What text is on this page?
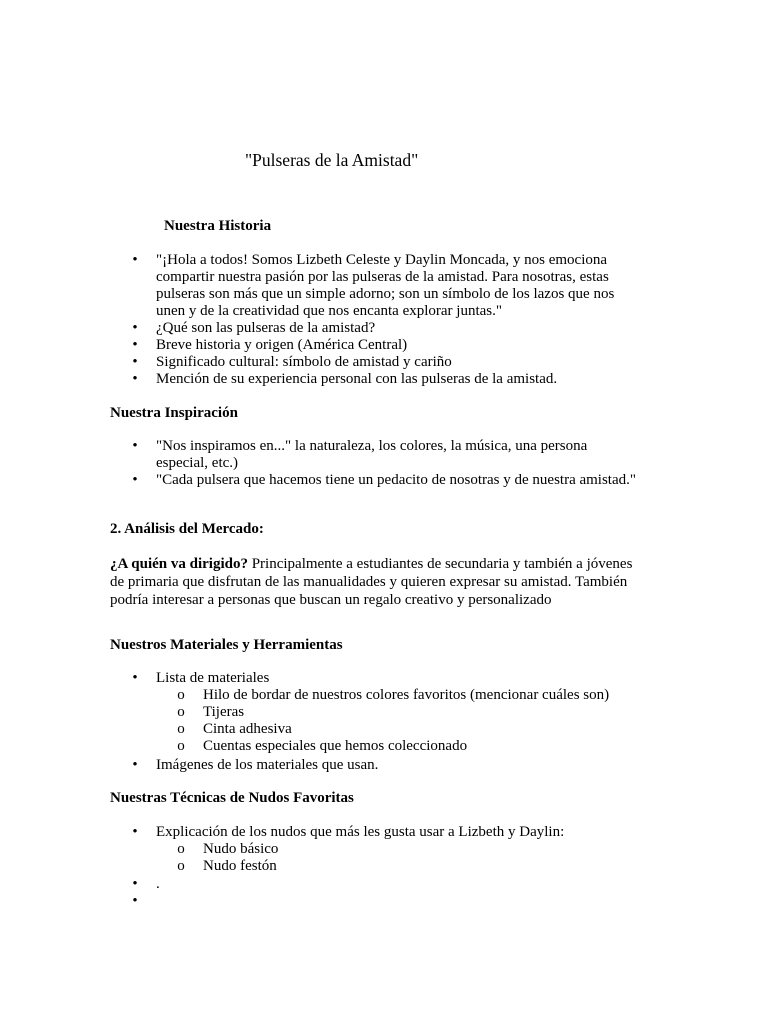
"Pulseras de la Amistad"
Nuestra Historia
• "¡Hola a todos! Somos Lizbeth Celeste y Daylin Moncada, y nos emociona
compartir nuestra pasión por las pulseras de la amistad. Para nosotras, estas
pulseras son más que un simple adorno; son un símbolo de los lazos que nos
unen y de la creatividad que nos encanta explorar juntas."
• ¿Qué son las pulseras de la amistad?
• Breve historia y origen (América Central)
• Significado cultural: símbolo de amistad y cariño
• Mención de su experiencia personal con las pulseras de la amistad.
Nuestra Inspiración
• "Nos inspiramos en..." la naturaleza, los colores, la música, una persona
especial, etc.)
• "Cada pulsera que hacemos tiene un pedacito de nosotras y de nuestra amistad."
2. Análisis del Mercado:
¿A quién va dirigido? Principalmente a estudiantes de secundaria y también a jóvenes
de primaria que disfrutan de las manualidades y quieren expresar su amistad. También
podría interesar a personas que buscan un regalo creativo y personalizado
Nuestros Materiales y Herramientas
• Lista de materiales
o Hilo de bordar de nuestros colores favoritos (mencionar cuáles son)
o Tijeras
o Cinta adhesiva
o Cuentas especiales que hemos coleccionado
• Imágenes de los materiales que usan.
Nuestras Técnicas de Nudos Favoritas
• Explicación de los nudos que más les gusta usar a Lizbeth y Daylin:
o Nudo básico
o Nudo festón
• .
•
